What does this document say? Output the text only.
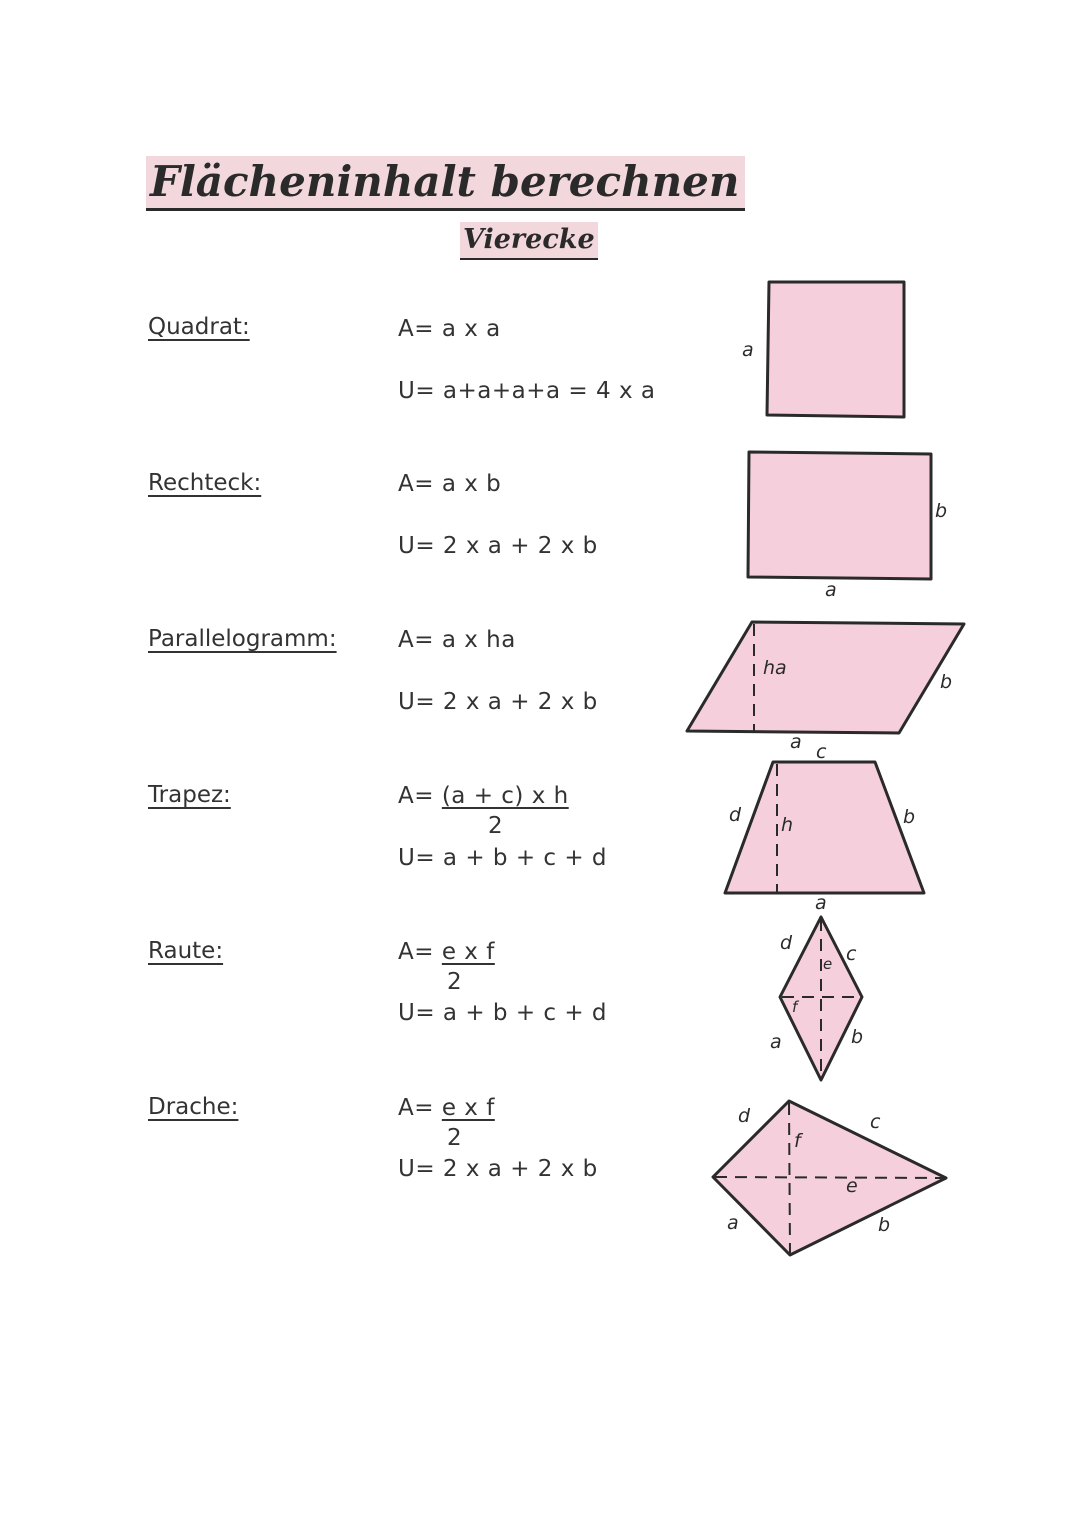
Flächeninhalt berechnen
Vierecke
Quadrat:	A= a x a
U= a+a+a+a = 4 x a
Rechteck:	A= a x b
U= 2 x a + 2 x b
Parallelogramm:	A= a x ha
U= 2 x a + 2 x b
Trapez:	A= (a + c) x h
2
U= a + b + c + d
Raute:	A= e x f
2
U= a + b + c + d
Drache:	A= e x f
2
U= 2 x a + 2 x b
a
b
a
ha
b
a c
d h	b
a
d
e c
f
a	b
d	c
f
e
a	b
